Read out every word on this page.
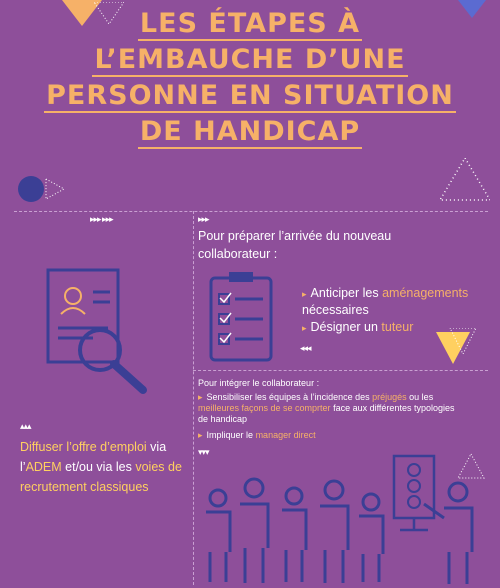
LES ÉTAPES À
L’EMBAUCHE D’UNE
PERSONNE EN SITUATION
DE HANDICAP
▸▸▸ ▸▸▸	▸▸▸
◂◂◂
▴▴▴
▾▾▾
Diffuser l’offre d’emploi via l’ADEM et/ou via les voies de recrutement classiques
Pour préparer l’arrivée du nouveau collaborateur :
▸ Anticiper les aménagements nécessaires
▸ Désigner un tuteur
Pour intégrer le collaborateur :
▸ Sensibiliser les équipes à l’incidence des préjugés ou les meilleures façons de se comprter face aux différentes typologies de handicap
▸ Impliquer le manager direct
